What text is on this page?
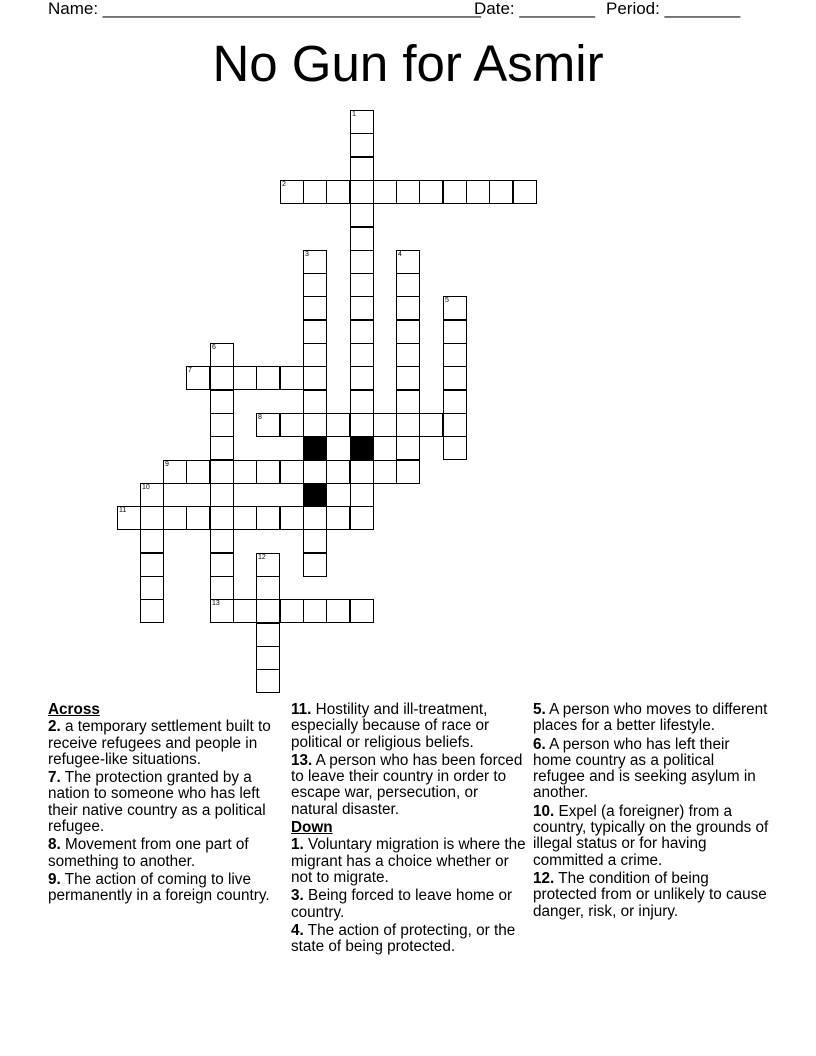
Name: ________________________________________
Date: ________ Period: ________
No Gun for Asmir
1
2
3	4
5
6
13
7
8
9
10
11
12
Across
2. a temporary settlement built to receive refugees and people in refugee-like situations.
7. The protection granted by a nation to someone who has left their native country as a political refugee.
8. Movement from one part of something to another.
9. The action of coming to live permanently in a foreign country.
11. Hostility and ill-treatment, especially because of race or political or religious beliefs.
13. A person who has been forced to leave their country in order to escape war, persecution, or natural disaster.
Down
1. Voluntary migration is where the migrant has a choice whether or not to migrate.
3. Being forced to leave home or country.
4. The action of protecting, or the state of being protected.
5. A person who moves to different places for a better lifestyle.
6. A person who has left their home country as a political refugee and is seeking asylum in another.
10. Expel (a foreigner) from a country, typically on the grounds of illegal status or for having committed a crime.
12. The condition of being protected from or unlikely to cause danger, risk, or injury.
